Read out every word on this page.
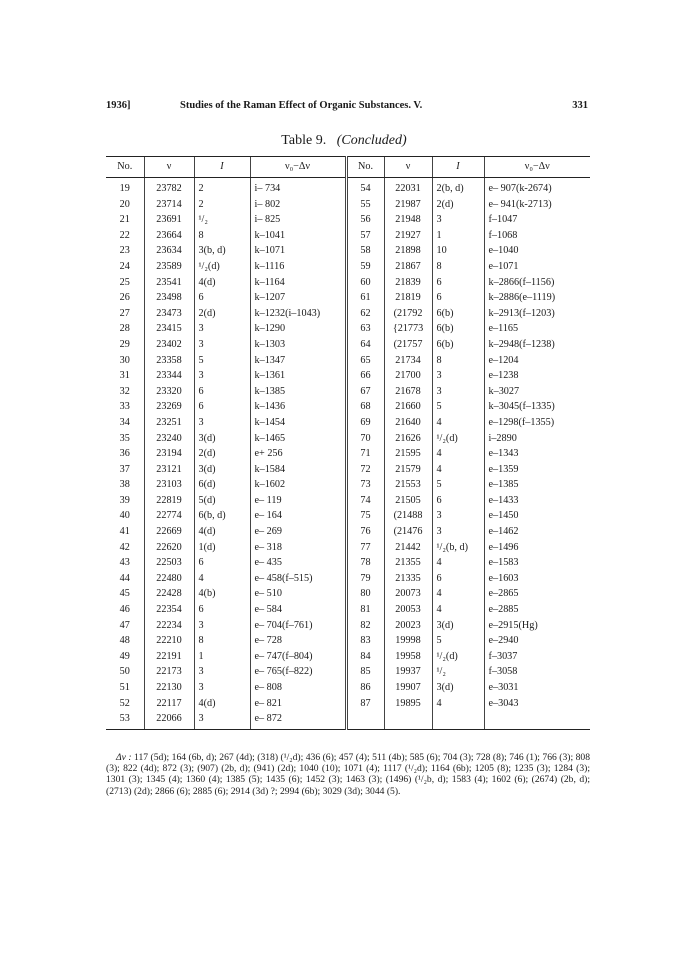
1936]	Studies of the Raman Effect of Organic Substances. V.	331
Table 9. (Concluded)
No.	ν	I	ν₀−Δν	No.	ν	I	ν₀−Δν
19	23782	2	i– 734	54	22031	2(b, d)	e– 907(k-2674)
20	23714	2	i– 802	55	21987	2(d)	e– 941(k-2713)
21	23691	¹/₂	i– 825	56	21948	3	f–1047
22	23664	8	k–1041	57	21927	1	f–1068
23	23634	3(b, d)	k–1071	58	21898	10	e–1040
24	23589	¹/₂(d)	k–1116	59	21867	8	e–1071
25	23541	4(d)	k–1164	60	21839	6	k–2866(f–1156)
26	23498	6	k–1207	61	21819	6	k–2886(e–1119)
27	23473	2(d)	k–1232(i–1043)	62	(21792	6(b)	k–2913(f–1203)
28	23415	3	k–1290	63	{21773	6(b)	e–1165
29	23402	3	k–1303	64	(21757	6(b)	k–2948(f–1238)
30	23358	5	k–1347	65	21734	8	e–1204
31	23344	3	k–1361	66	21700	3	e–1238
32	23320	6	k–1385	67	21678	3	k–3027
33	23269	6	k–1436	68	21660	5	k–3045(f–1335)
34	23251	3	k–1454	69	21640	4	e–1298(f–1355)
35	23240	3(d)	k–1465	70	21626	¹/₂(d)	i–2890
36	23194	2(d)	e+ 256	71	21595	4	e–1343
37	23121	3(d)	k–1584	72	21579	4	e–1359
38	23103	6(d)	k–1602	73	21553	5	e–1385
39	22819	5(d)	e– 119	74	21505	6	e–1433
40	22774	6(b, d)	e– 164	75	(21488	3	e–1450
41	22669	4(d)	e– 269	76	(21476	3	e–1462
42	22620	1(d)	e– 318	77	21442	¹/₂(b, d)	e–1496
43	22503	6	e– 435	78	21355	4	e–1583
44	22480	4	e– 458(f–515)	79	21335	6	e–1603
45	22428	4(b)	e– 510	80	20073	4	e–2865
46	22354	6	e– 584	81	20053	4	e–2885
47	22234	3	e– 704(f–761)	82	20023	3(d)	e–2915(Hg)
48	22210	8	e– 728	83	19998	5	e–2940
49	22191	1	e– 747(f–804)	84	19958	¹/₂(d)	f–3037
50	22173	3	e– 765(f–822)	85	19937	¹/₂	f–3058
51	22130	3	e– 808	86	19907	3(d)	e–3031
52	22117	4(d)	e– 821	87	19895	4	e–3043
53	22066	3	e– 872				
Δν : 117 (5d); 164 (6b, d); 267 (4d); (318) (¹/₂d); 436 (6); 457 (4); 511 (4b); 585 (6); 704 (3); 728 (8); 746 (1); 766 (3); 808 (3); 822 (4d); 872 (3); (907) (2b, d); (941) (2d); 1040 (10); 1071 (4); 1117 (¹/₂d); 1164 (6b); 1205 (8); 1235 (3); 1284 (3); 1301 (3); 1345 (4); 1360 (4); 1385 (5); 1435 (6); 1452 (3); 1463 (3); (1496) (¹/₂b, d); 1583 (4); 1602 (6); (2674) (2b, d); (2713) (2d); 2866 (6); 2885 (6); 2914 (3d) ?; 2994 (6b); 3029 (3d); 3044 (5).
